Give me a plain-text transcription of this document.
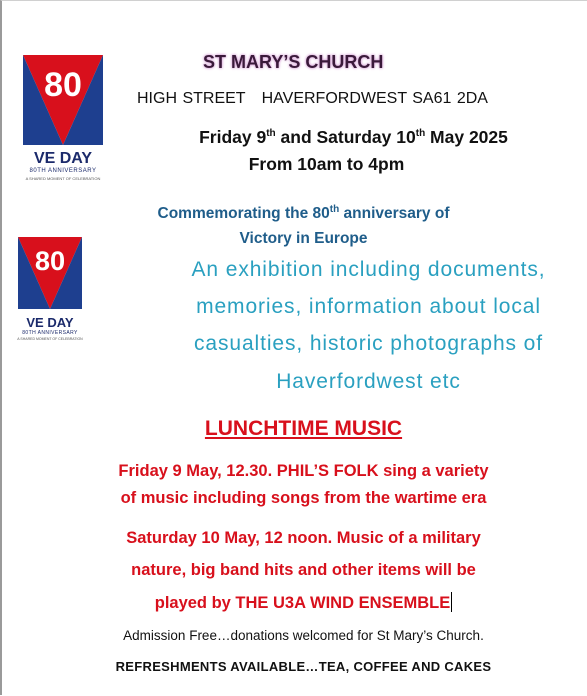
80
VE DAY
80TH ANNIVERSARY
A SHARED MOMENT OF CELEBRATION
80
VE DAY
80TH ANNIVERSARY
A SHARED MOMENT OF CELEBRATION
ST MARY’S CHURCH
HIGH STREET   HAVERFORDWEST SA61 2DA
Friday 9th and Saturday 10th May 2025
From 10am to 4pm
Commemorating the 80th anniversary of
Victory in Europe
An exhibition including documents,
memories, information about local
casualties, historic photographs of
Haverfordwest etc
LUNCHTIME MUSIC
Friday 9 May, 12.30. PHIL’S FOLK sing a variety
of music including songs from the wartime era
Saturday 10 May, 12 noon. Music of a military
nature, big band hits and other items will be
played by THE U3A WIND ENSEMBLE
Admission Free…donations welcomed for St Mary’s Church.
REFRESHMENTS AVAILABLE…TEA, COFFEE AND CAKES
